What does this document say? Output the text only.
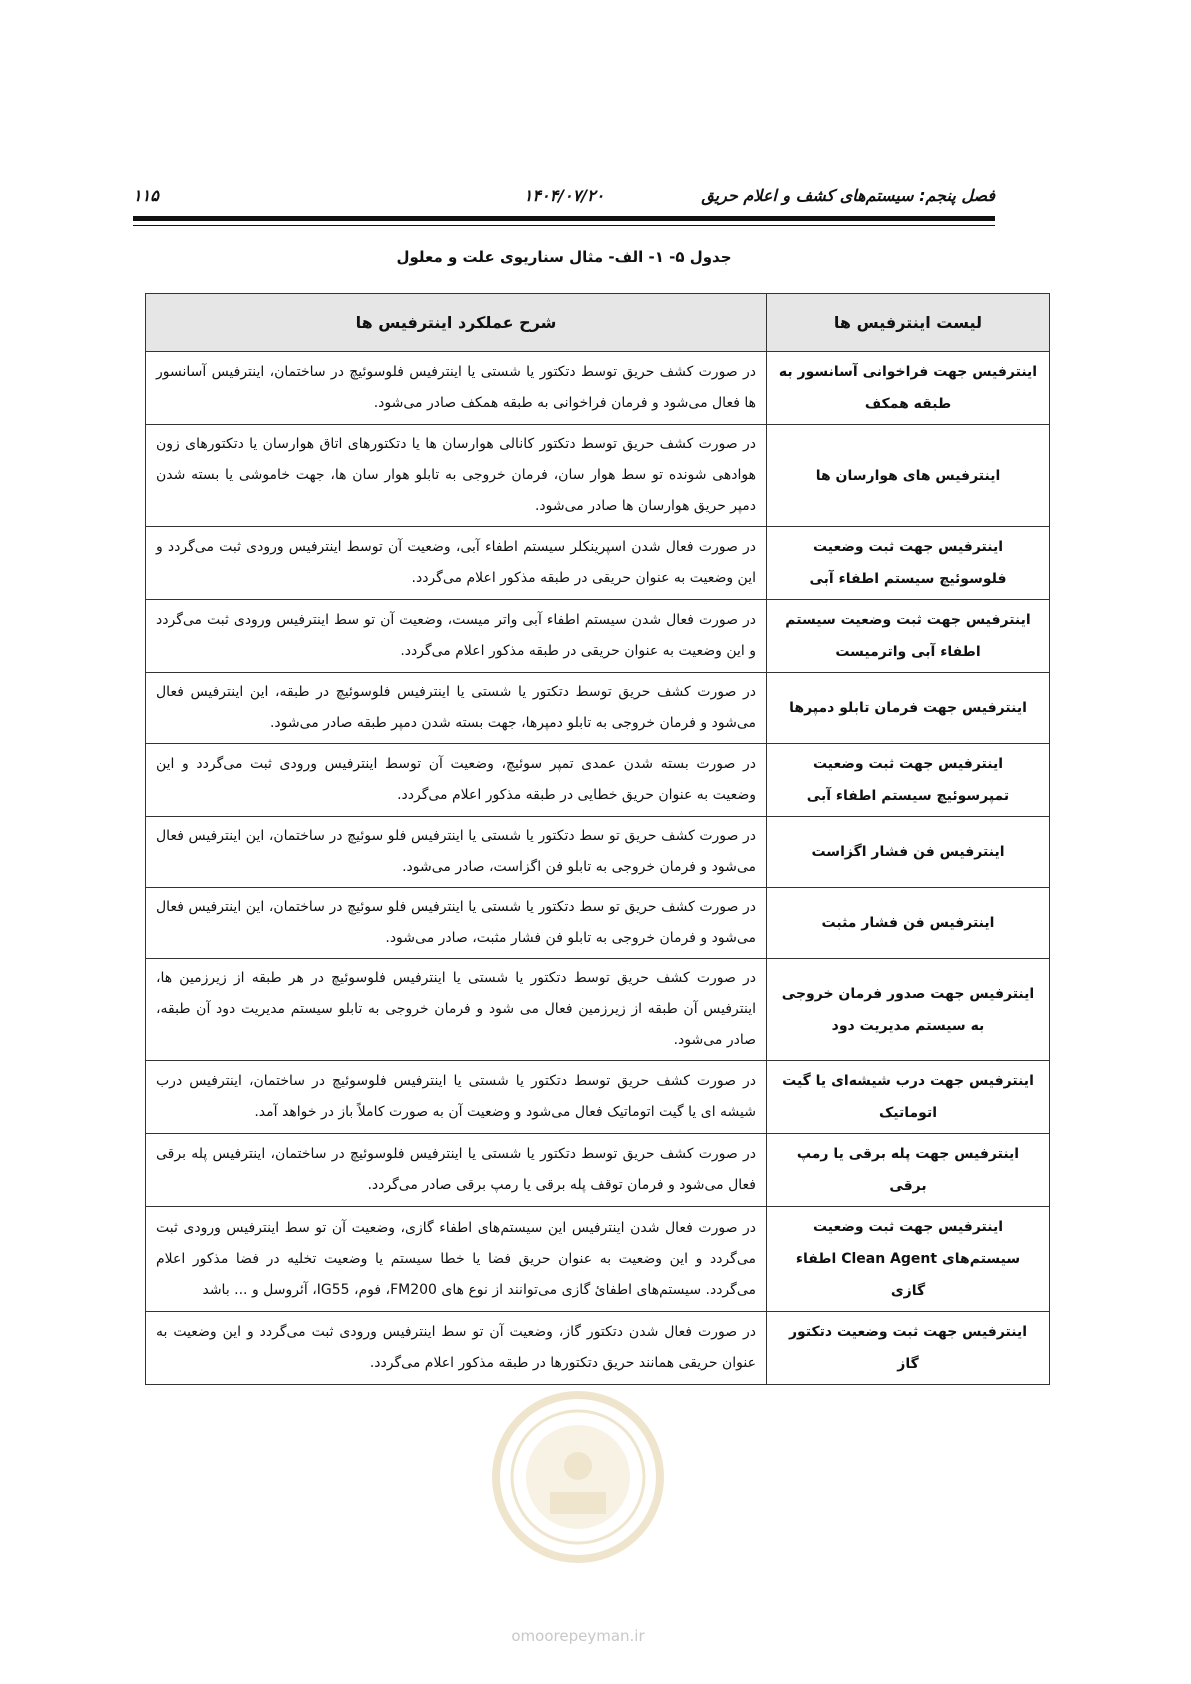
فصل پنجم: سیستم‌های کشف و اعلام حریق
۱۴۰۴/۰۷/۲۰
۱۱۵
جدول ۵- ۱- الف- مثال سناریوی علت و معلول
لیست اینترفیس ها	شرح عملکرد اینترفیس ها
اینترفیس جهت فراخوانی آسانسور به طبقه همکف	در صورت کشف حریق توسط دتکتور یا شستی یا اینترفیس فلوسوئیچ در ساختمان، اینترفیس آسانسور ها فعال می‌شود و فرمان فراخوانی به طبقه همکف صادر می‌شود.
اینترفیس های هوارسان ها	در صورت کشف حریق توسط دتکتور کانالی هوارسان ها یا دتکتورهای اتاق هوارسان یا دتکتورهای زون هوادهی شونده تو سط هوار سان، فرمان خروجی به تابلو هوار سان ها، جهت خاموشی یا بسته شدن دمپر حریق هوارسان ها صادر می‌شود.
اینترفیس جهت ثبت وضعیت فلوسوئیچ سیستم اطفاء آبی	در صورت فعال شدن اسپرینکلر سیستم اطفاء آبی، وضعیت آن توسط اینترفیس ورودی ثبت می‌گردد و این وضعیت به عنوان حریقی در طبقه مذکور اعلام می‌گردد.
اینترفیس جهت ثبت وضعیت سیستم اطفاء آبی واترمیست	در صورت فعال شدن سیستم اطفاء آبی واتر میست، وضعیت آن تو سط اینترفیس ورودی ثبت می‌گردد و این وضعیت به عنوان حریقی در طبقه مذکور اعلام می‌گردد.
اینترفیس جهت فرمان تابلو دمپرها	در صورت کشف حریق توسط دتکتور یا شستی یا اینترفیس فلوسوئیچ در طبقه، این اینترفیس فعال می‌شود و فرمان خروجی به تابلو دمپرها، جهت بسته شدن دمپر طبقه صادر می‌شود.
اینترفیس جهت ثبت وضعیت تمپرسوئیچ سیستم اطفاء آبی	در صورت بسته شدن عمدی تمپر سوئیچ، وضعیت آن توسط اینترفیس ورودی ثبت می‌گردد و این وضعیت به عنوان حریق خطایی در طبقه مذکور اعلام می‌گردد.
اینترفیس فن فشار اگزاست	در صورت کشف حریق تو سط دتکتور یا شستی یا اینترفیس فلو سوئیچ در ساختمان، این اینترفیس فعال می‌شود و فرمان خروجی به تابلو فن اگزاست، صادر می‌شود.
اینترفیس فن فشار مثبت	در صورت کشف حریق تو سط دتکتور یا شستی یا اینترفیس فلو سوئیچ در ساختمان، این اینترفیس فعال می‌شود و فرمان خروجی به تابلو فن فشار مثبت، صادر می‌شود.
اینترفیس جهت صدور فرمان خروجی به سیستم مدیریت دود	در صورت کشف حریق توسط دتکتور یا شستی یا اینترفیس فلوسوئیچ در هر طبقه از زیرزمین ها، اینترفیس آن طبقه از زیرزمین فعال می شود و فرمان خروجی به تابلو سیستم مدیریت دود آن طبقه، صادر می‌شود.
اینترفیس جهت درب شیشه‌ای یا گیت اتوماتیک	در صورت کشف حریق توسط دتکتور یا شستی یا اینترفیس فلوسوئیچ در ساختمان، اینترفیس درب شیشه ای یا گیت اتوماتیک فعال می‌شود و وضعیت آن به صورت کاملاً باز در خواهد آمد.
اینترفیس جهت پله برقی یا رمپ برقی	در صورت کشف حریق توسط دتکتور یا شستی یا اینترفیس فلوسوئیچ در ساختمان، اینترفیس پله برقی فعال می‌شود و فرمان توقف پله برقی یا رمپ برقی صادر می‌گردد.
اینترفیس جهت ثبت وضعیت سیستم‌های Clean Agent اطفاء گازی	در صورت فعال شدن اینترفیس این سیستم‌های اطفاء گازی، وضعیت آن تو سط اینترفیس ورودی ثبت می‌گردد و این وضعیت به عنوان حریق فضا یا خطا سیستم یا وضعیت تخلیه در فضا مذکور اعلام می‌گردد. سیستم‌های اطفائ گازی می‌توانند از نوع های FM200، فوم، IG55، آئروسل و ... باشد
اینترفیس جهت ثبت وضعیت دتکتور گاز	در صورت فعال شدن دتکتور گاز، وضعیت آن تو سط اینترفیس ورودی ثبت می‌گردد و این وضعیت به عنوان حریقی همانند حریق دتکتورها در طبقه مذکور اعلام می‌گردد.
omoorepeyman.ir
